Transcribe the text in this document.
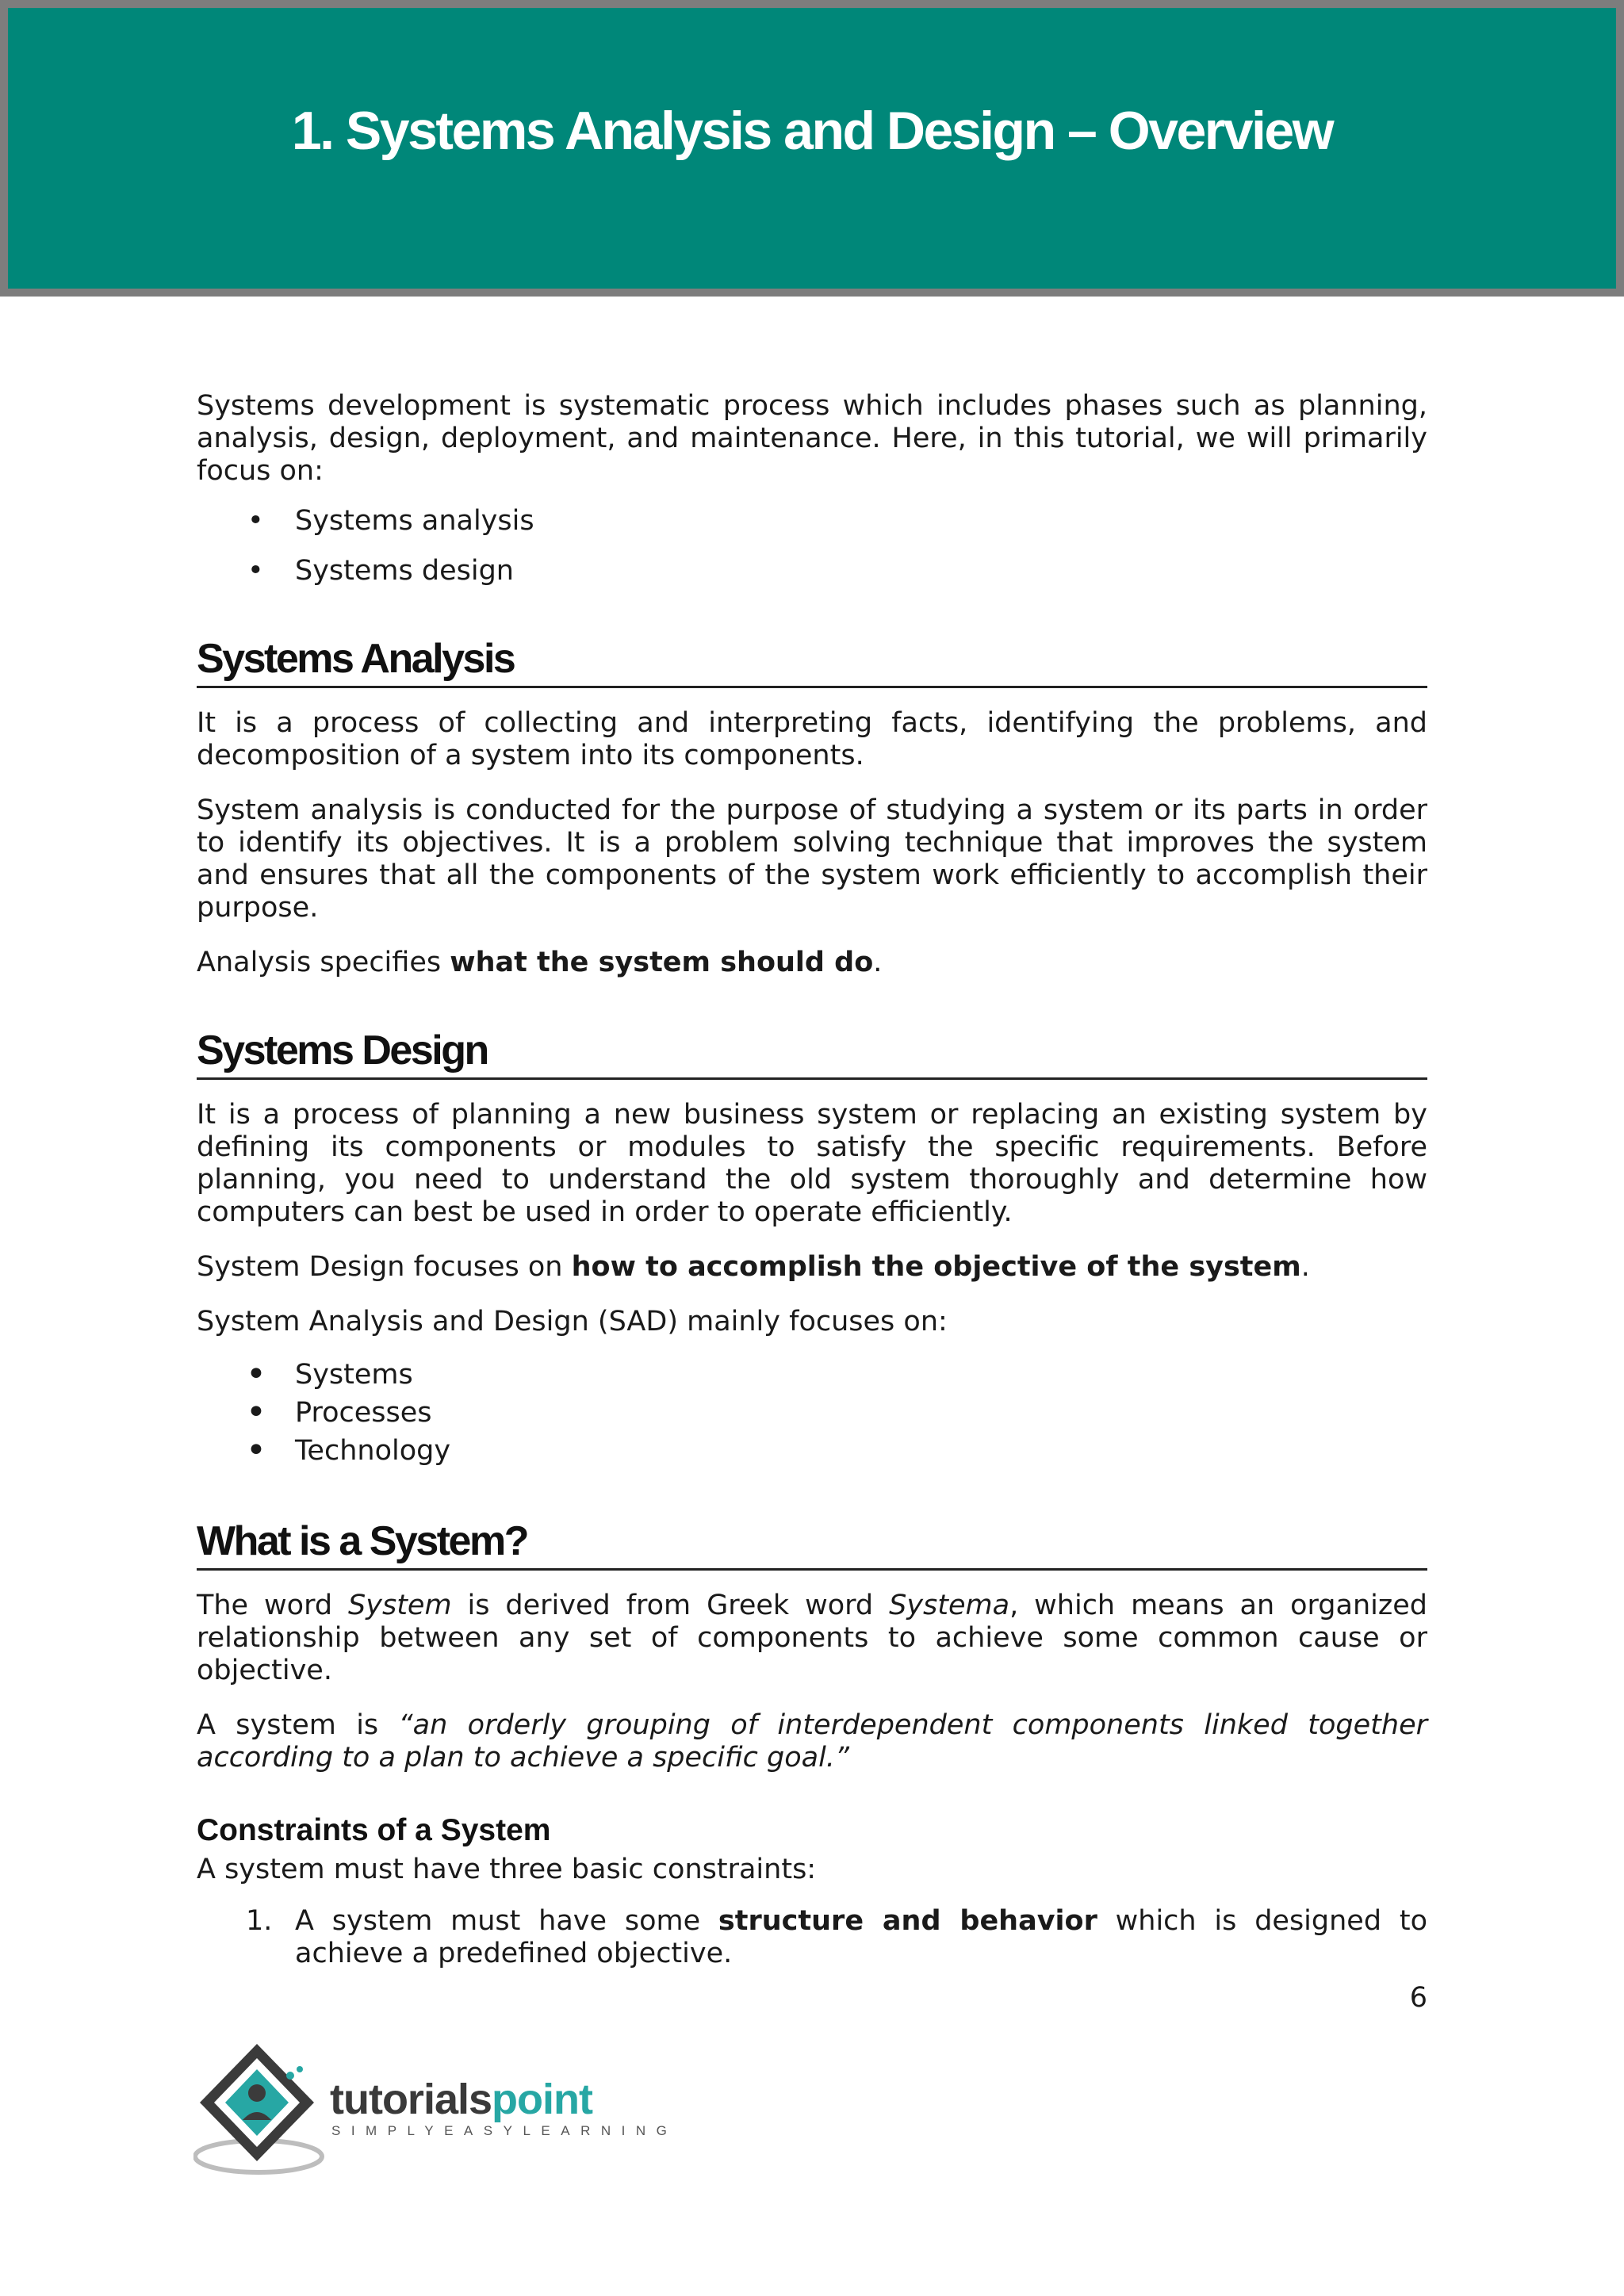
1. Systems Analysis and Design – Overview

Systems development is systematic process which includes phases such as planning, analysis, design, deployment, and maintenance. Here, in this tutorial, we will primarily focus on:

• Systems analysis
• Systems design
Systems Analysis

It is a process of collecting and interpreting facts, identifying the problems, and decomposition of a system into its components.

System analysis is conducted for the purpose of studying a system or its parts in order to identify its objectives. It is a problem solving technique that improves the system and ensures that all the components of the system work efficiently to accomplish their purpose.

Analysis specifies what the system should do.

Systems Design

It is a process of planning a new business system or replacing an existing system by defining its components or modules to satisfy the specific requirements. Before planning, you need to understand the old system thoroughly and determine how computers can best be used in order to operate efficiently.

System Design focuses on how to accomplish the objective of the system.

System Analysis and Design (SAD) mainly focuses on:

• Systems
• Processes
• Technology
What is a System?

The word System is derived from Greek word Systema, which means an organized relationship between any set of components to achieve some common cause or objective.

A system is “an orderly grouping of interdependent components linked together according to a plan to achieve a specific goal.”

Constraints of a System

A system must have three basic constraints:

1. A system must have some structure and behavior which is designed to achieve a predefined objective.

6

tutorialspoint
SIMPLYEASYLEARNING
